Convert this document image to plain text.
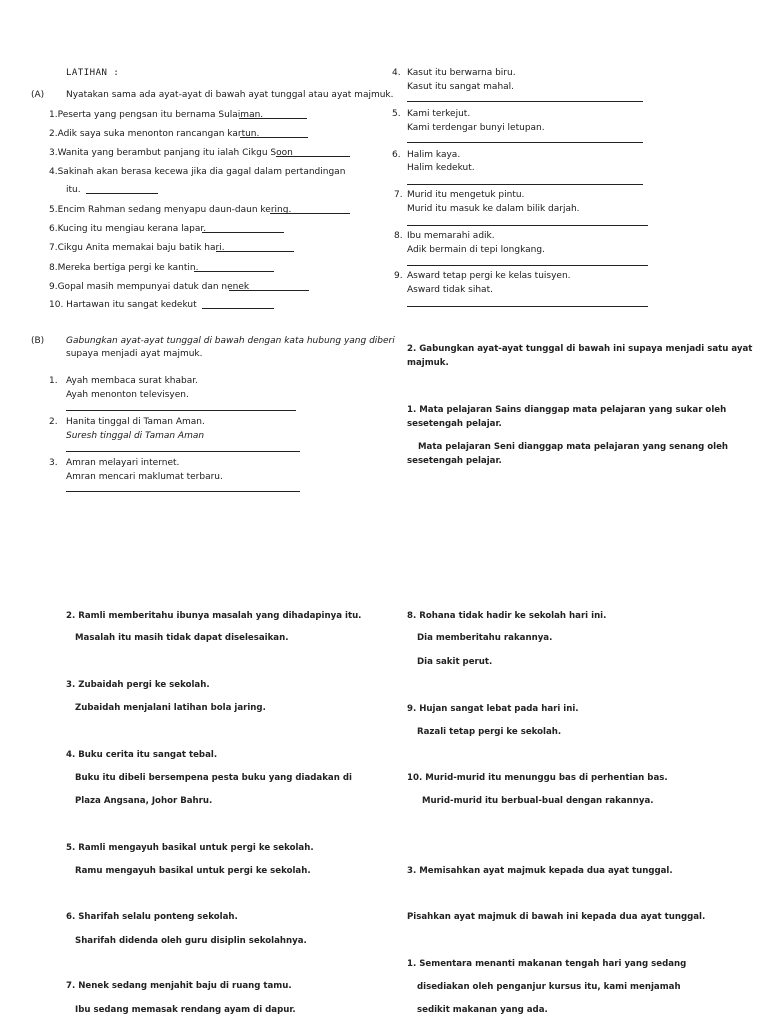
LATIHAN :
(A) Nyatakan sama ada ayat-ayat di bawah ayat tunggal atau ayat majmuk.
1.Peserta yang pengsan itu bernama Sulaiman.
2.Adik saya suka menonton rancangan kartun.
3.Wanita yang berambut panjang itu ialah Cikgu Soon
4.Sakinah akan berasa kecewa jika dia gagal dalam pertandingan
itu.
5.Encim Rahman sedang menyapu daun-daun kering.
6.Kucing itu mengiau kerana lapar.
7.Cikgu Anita memakai baju batik hari.
8.Mereka bertiga pergi ke kantin.
9.Gopal masih mempunyai datuk dan nenek
10. Hartawan itu sangat kedekut
4. Kasut itu berwarna biru.
Kasut itu sangat mahal.
5. Kami terkejut.
Kami terdengar bunyi letupan.
6. Halim kaya.
Halim kedekut.
7. Murid itu mengetuk pintu.
Murid itu masuk ke dalam bilik darjah.
8. Ibu memarahi adik.
Adik bermain di tepi longkang.
9. Asward tetap pergi ke kelas tuisyen.
Asward tidak sihat.
(B) Gabungkan ayat-ayat tunggal di bawah dengan kata hubung yang diberi
supaya menjadi ayat majmuk.
1. Ayah membaca surat khabar.
Ayah menonton televisyen.
2. Hanita tinggal di Taman Aman.
Suresh tinggal di Taman Aman
3. Amran melayari internet.
Amran mencari maklumat terbaru.
2. Gabungkan ayat-ayat tunggal di bawah ini supaya menjadi satu ayat
majmuk.
1. Mata pelajaran Sains dianggap mata pelajaran yang sukar oleh
sesetengah pelajar.
Mata pelajaran Seni dianggap mata pelajaran yang senang oleh
sesetengah pelajar.
2. Ramli memberitahu ibunya masalah yang dihadapinya itu.
Masalah itu masih tidak dapat diselesaikan.
3. Zubaidah pergi ke sekolah.
Zubaidah menjalani latihan bola jaring.
4. Buku cerita itu sangat tebal.
Buku itu dibeli bersempena pesta buku yang diadakan di
Plaza Angsana, Johor Bahru.
5. Ramli mengayuh basikal untuk pergi ke sekolah.
Ramu mengayuh basikal untuk pergi ke sekolah.
6. Sharifah selalu ponteng sekolah.
Sharifah didenda oleh guru disiplin sekolahnya.
7. Nenek sedang menjahit baju di ruang tamu.
Ibu sedang memasak rendang ayam di dapur.
8. Rohana tidak hadir ke sekolah hari ini.
Dia memberitahu rakannya.
Dia sakit perut.
9. Hujan sangat lebat pada hari ini.
Razali tetap pergi ke sekolah.
10. Murid-murid itu menunggu bas di perhentian bas.
Murid-murid itu berbual-bual dengan rakannya.
3. Memisahkan ayat majmuk kepada dua ayat tunggal.
Pisahkan ayat majmuk di bawah ini kepada dua ayat tunggal.
1. Sementara menanti makanan tengah hari yang sedang
disediakan oleh penganjur kursus itu, kami menjamah
sedikit makanan yang ada.
